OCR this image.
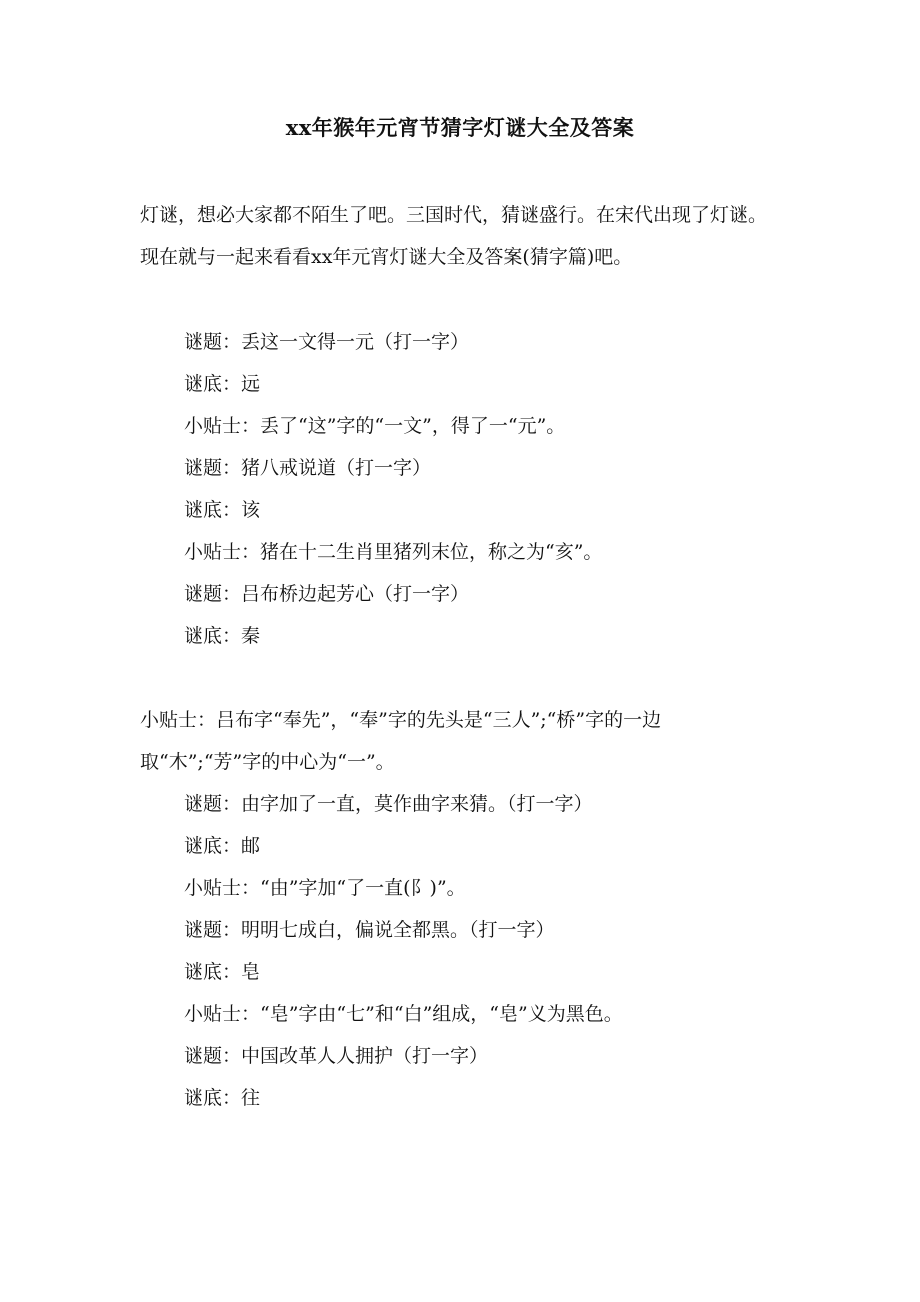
xx年猴年元宵节猜字灯谜大全及答案
灯谜，想必大家都不陌生了吧。三国时代，猜谜盛行。在宋代出现了灯谜。现在就与一起来看看xx年元宵灯谜大全及答案(猜字篇)吧。
谜题：丢这一文得一元（打一字）
谜底：远
小贴士：丢了“这”字的“一文”，得了一“元”。
谜题：猪八戒说道（打一字）
谜底：该
小贴士：猪在十二生肖里猪列末位，称之为“亥”。
谜题：吕布桥边起芳心（打一字）
谜底：秦
小贴士：吕布字“奉先”，“奉”字的先头是“三人”;“桥”字的一边取“木”;“芳”字的中心为“一”。
谜题：由字加了一直，莫作曲字来猜。（打一字）
谜底：邮
小贴士：“由”字加“了一直(阝)”。
谜题：明明七成白，偏说全都黑。（打一字）
谜底：皂
小贴士：“皂”字由“七”和“白”组成，“皂”义为黑色。
谜题：中国改革人人拥护（打一字）
谜底：往
